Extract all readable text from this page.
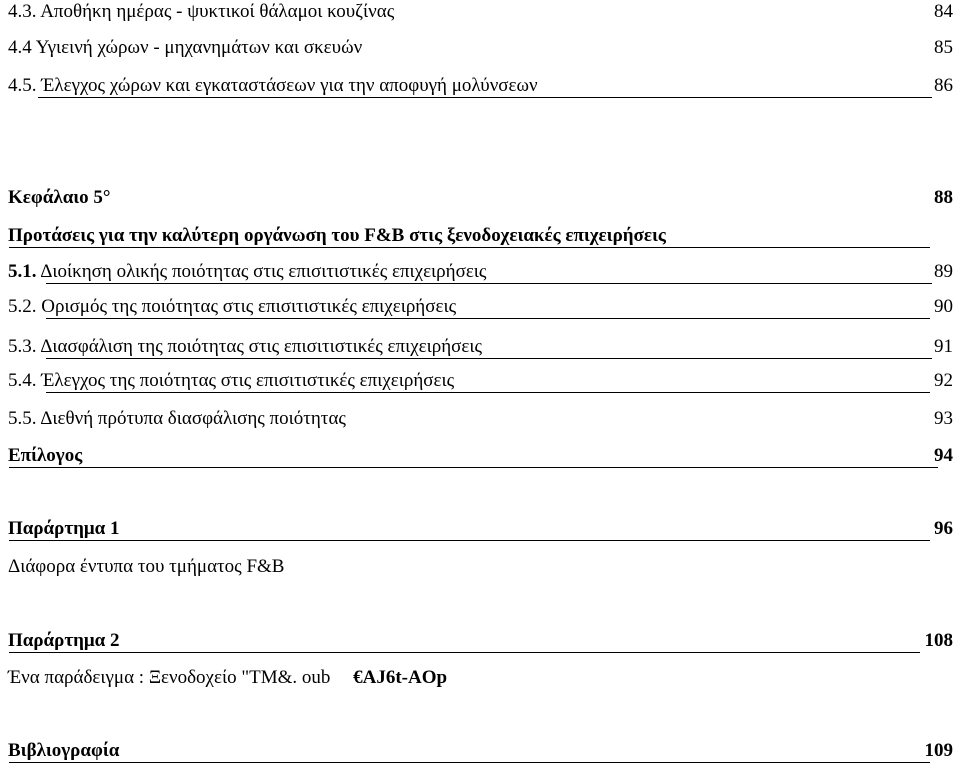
4.3. Αποθήκη ημέρας - ψυκτικοί θάλαμοι κουζίνας	84
4.4 Υγιεινή χώρων - μηχανημάτων και σκευών	85
4.5. Έλεγχος χώρων και εγκαταστάσεων για την αποφυγή μολύνσεων	86
Κεφάλαιο 5°	88
Προτάσεις για την καλύτερη οργάνωση του F&B στις ξενοδοχειακές επιχειρήσεις
5.1. Διοίκηση ολικής ποιότητας στις επισιτιστικές επιχειρήσεις	89
5.2. Ορισμός της ποιότητας στις επισιτιστικές επιχειρήσεις	90
5.3. Διασφάλιση της ποιότητας στις επισιτιστικές επιχειρήσεις	91
5.4. Έλεγχος της ποιότητας στις επισιτιστικές επιχειρήσεις	92
5.5. Διεθνή πρότυπα διασφάλισης ποιότητας	93
Επίλογος	94
Παράρτημα 1	96
Διάφορα έντυπα του τμήματος F&B
Παράρτημα 2	108
Ένα παράδειγμα : Ξενοδοχείο "TM&. oub €AJ6t-AOp
Βιβλιογραφία	109
